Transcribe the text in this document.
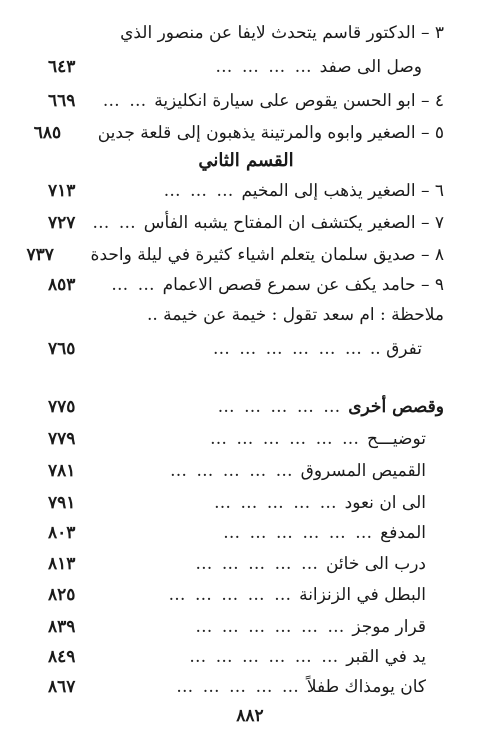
٣ – الدكتور قاسم يتحدث لايفا عن منصور الذي
وصل الى صفد
… … … …
٦٤٣
٤ – ابو الحسن يقوص على سيارة انكليزية
… …
٦٦٩
٥ – الصغير وابوه والمرتينة يذهبون إلى قلعة جدين
٦٨٥
القسم الثاني
٦ – الصغير يذهب إلى المخيم
… … …
٧١٣
٧ – الصغير يكتشف ان المفتاح يشبه الفأس
… …
٧٢٧
٨ – صديق سلمان يتعلم اشياء كثيرة في ليلة واحدة
٧٣٧
٩ – حامد يكف عن سمرع قصص الاعمام
… …
٨٥٣
ملاحظة : ام سعد تقول : خيمة عن خيمة ..
تفرق ..
… … … … … …
٧٦٥
وقصص أخرى
… … … … …
٧٧٥
توضيـــح
… … … … … …
٧٧٩
القميص المسروق
… … … … …
٧٨١
الى ان نعود
… … … … …
٧٩١
المدفع
… … … … … …
٨٠٣
درب الى خائن
… … … … …
٨١٣
البطل في الزنزانة
… … … … …
٨٢٥
قرار موجز
… … … … … …
٨٣٩
يد في القبر
… … … … … …
٨٤٩
كان يومذاك طفلاً
… … … … …
٨٦٧
٨٨٢
